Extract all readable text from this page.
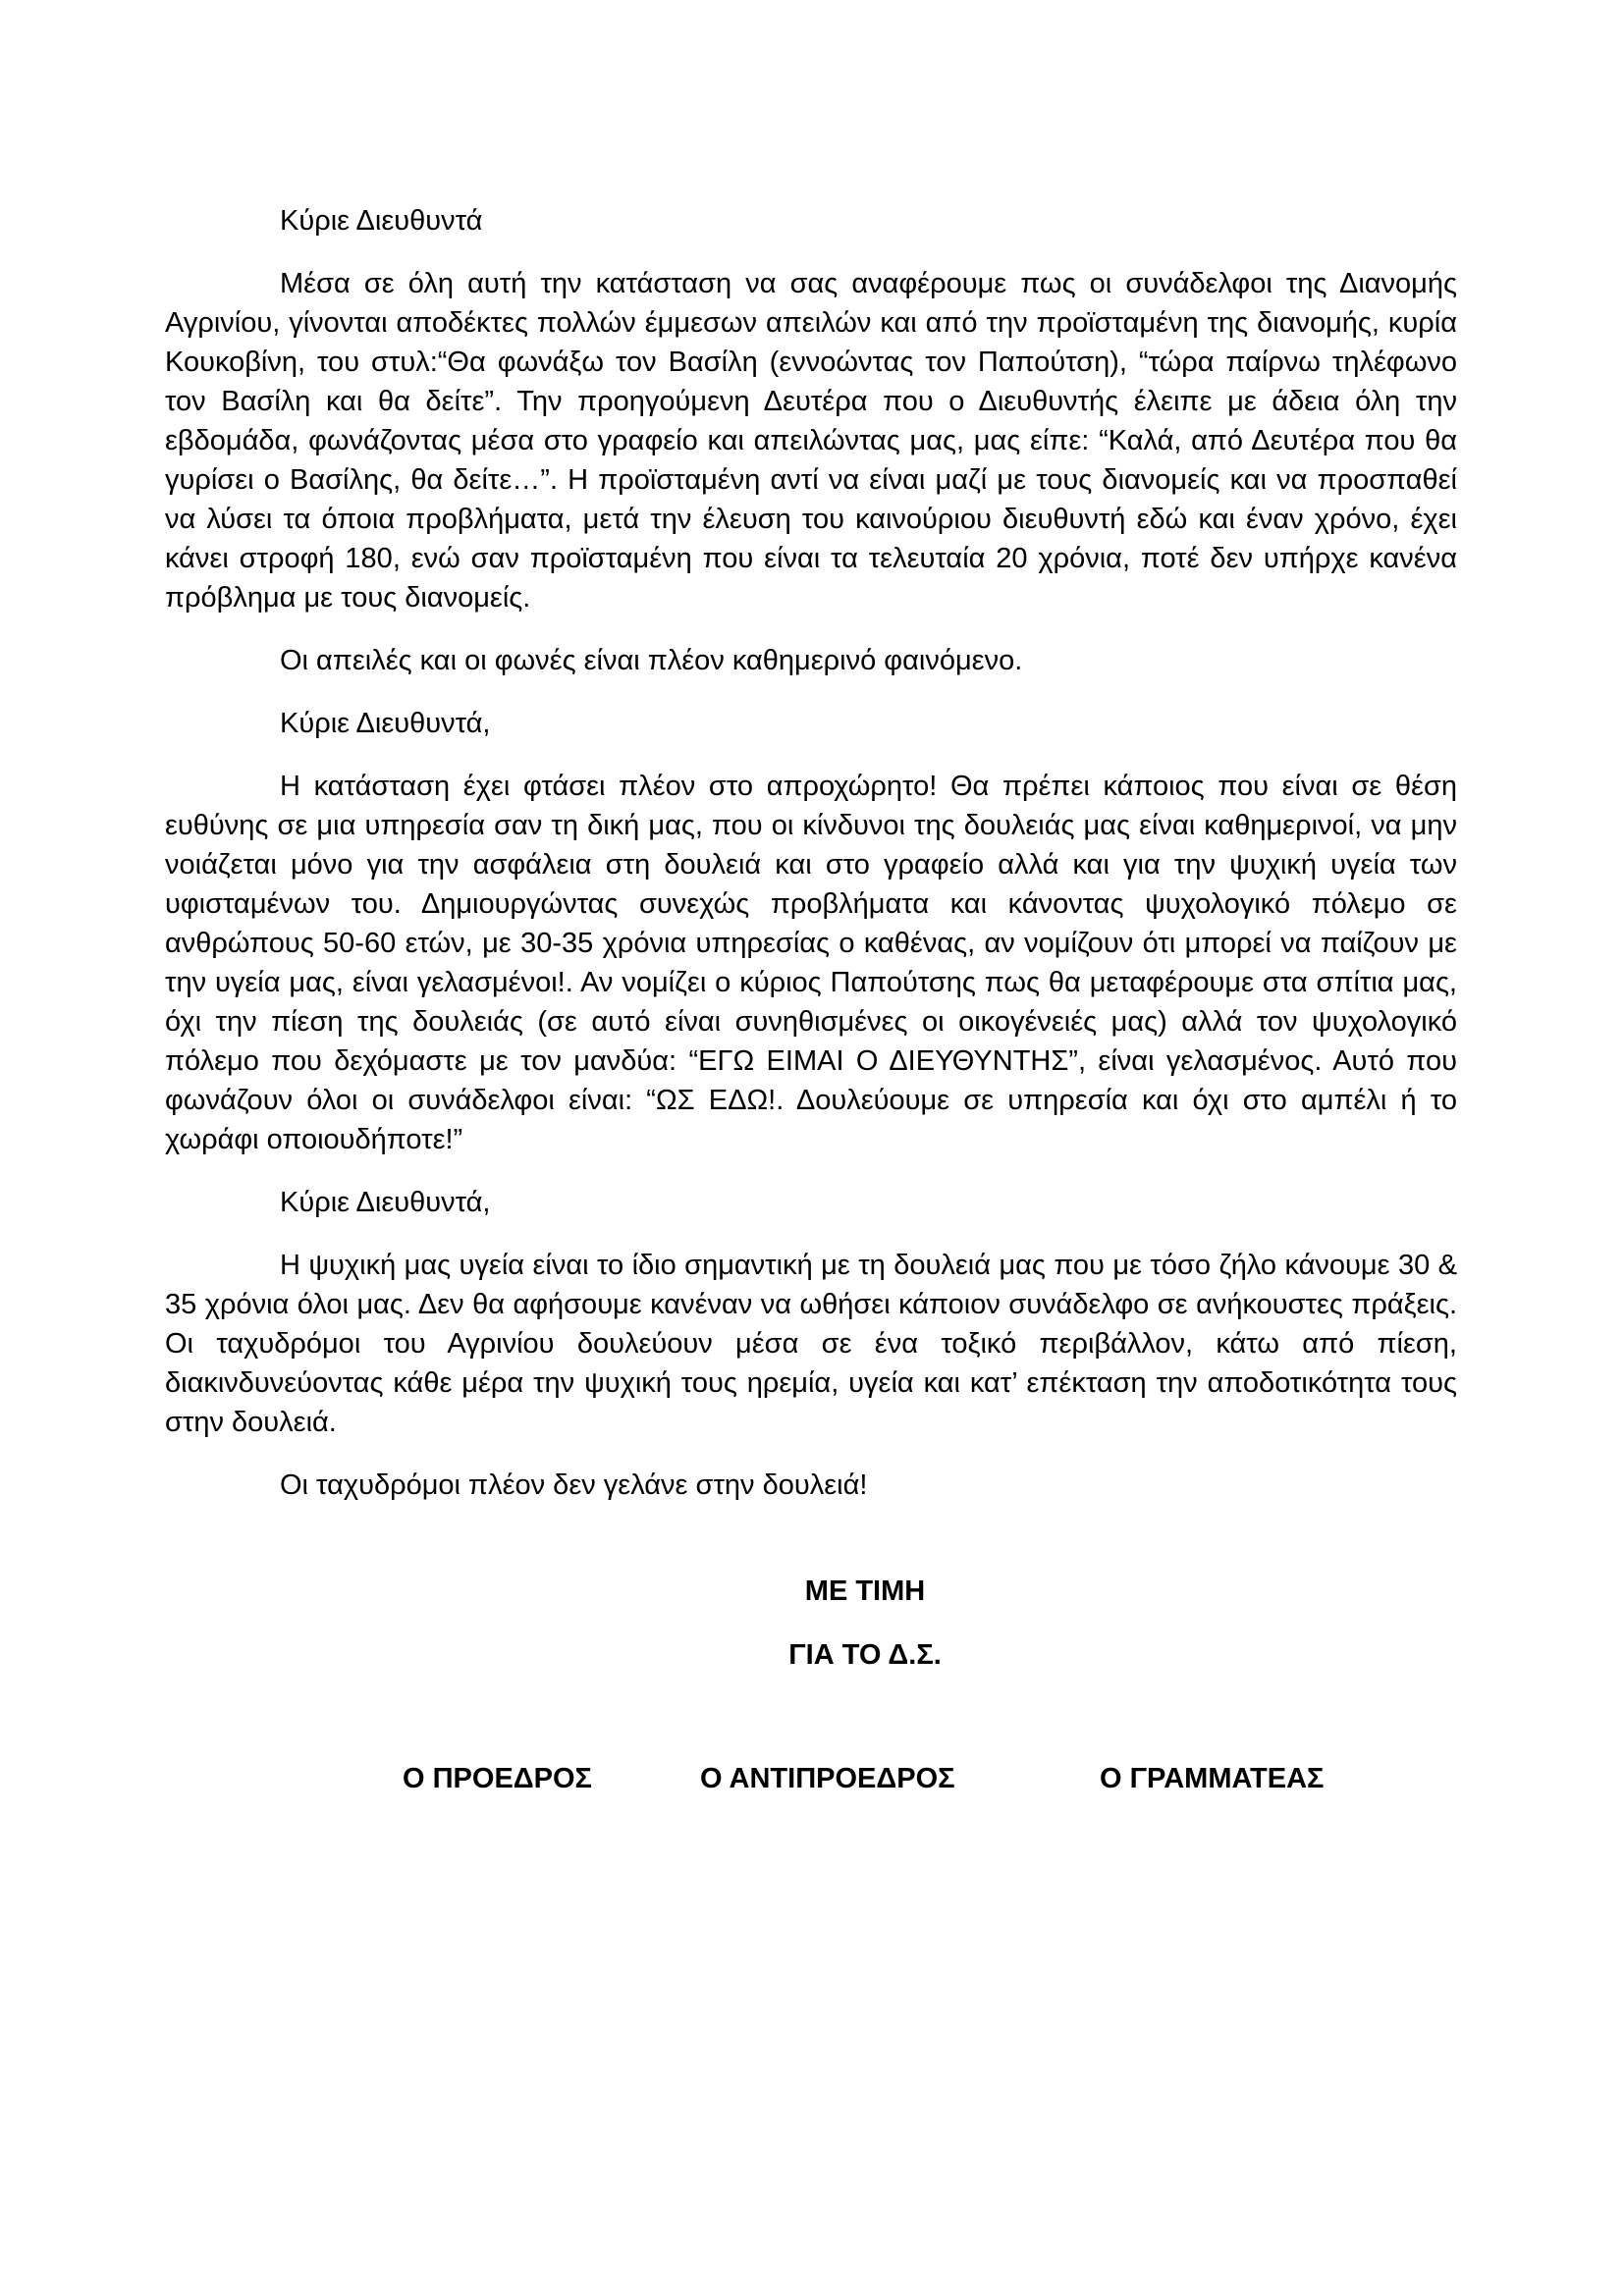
Κύριε Διευθυντά

Μέσα σε όλη αυτή την κατάσταση να σας αναφέρουμε πως οι συνάδελφοι της Διανομής Αγρινίου, γίνονται αποδέκτες πολλών έμμεσων απειλών και από την προϊσταμένη της διανομής, κυρία Κουκοβίνη, του στυλ:“Θα φωνάξω τον Βασίλη (εννοώντας τον Παπούτση), “τώρα παίρνω τηλέφωνο τον Βασίλη και θα δείτε”. Την προηγούμενη Δευτέρα που ο Διευθυντής έλειπε με άδεια όλη την εβδομάδα, φωνάζοντας μέσα στο γραφείο και απειλώντας μας, μας είπε: “Καλά, από Δευτέρα που θα γυρίσει ο Βασίλης, θα δείτε…”. Η προϊσταμένη αντί να είναι μαζί με τους διανομείς και να προσπαθεί να λύσει τα όποια προβλήματα, μετά την έλευση του καινούριου διευθυντή εδώ και έναν χρόνο, έχει κάνει στροφή 180, ενώ σαν προϊσταμένη που είναι τα τελευταία 20 χρόνια, ποτέ δεν υπήρχε κανένα πρόβλημα με τους διανομείς.

Οι απειλές και οι φωνές είναι πλέον καθημερινό φαινόμενο.

Κύριε Διευθυντά,

Η κατάσταση έχει φτάσει πλέον στο απροχώρητο! Θα πρέπει κάποιος που είναι σε θέση ευθύνης σε μια υπηρεσία σαν τη δική μας, που οι κίνδυνοι της δουλειάς μας είναι καθημερινοί, να μην νοιάζεται μόνο για την ασφάλεια στη δουλειά και στο γραφείο αλλά και για την ψυχική υγεία των υφισταμένων του. Δημιουργώντας συνεχώς προβλήματα και κάνοντας ψυχολογικό πόλεμο σε ανθρώπους 50-60 ετών, με 30-35 χρόνια υπηρεσίας ο καθένας, αν νομίζουν ότι μπορεί να παίζουν με την υγεία μας, είναι γελασμένοι!. Αν νομίζει ο κύριος Παπούτσης πως θα μεταφέρουμε στα σπίτια μας, όχι την πίεση της δουλειάς (σε αυτό είναι συνηθισμένες οι οικογένειές μας) αλλά τον ψυχολογικό πόλεμο που δεχόμαστε με τον μανδύα: “ΕΓΩ ΕΙΜΑΙ Ο ΔΙΕΥΘΥΝΤΗΣ”, είναι γελασμένος. Αυτό που φωνάζουν όλοι οι συνάδελφοι είναι: “ΩΣ ΕΔΩ!. Δουλεύουμε σε υπηρεσία και όχι στο αμπέλι ή το χωράφι οποιουδήποτε!”

Κύριε Διευθυντά,

Η ψυχική μας υγεία είναι το ίδιο σημαντική με τη δουλειά μας που με τόσο ζήλο κάνουμε 30 & 35 χρόνια όλοι μας. Δεν θα αφήσουμε κανέναν να ωθήσει κάποιον συνάδελφο σε ανήκουστες πράξεις. Οι ταχυδρόμοι του Αγρινίου δουλεύουν μέσα σε ένα τοξικό περιβάλλον, κάτω από πίεση, διακινδυνεύοντας κάθε μέρα την ψυχική τους ηρεμία, υγεία και κατ’ επέκταση την αποδοτικότητα τους στην δουλειά.

Οι ταχυδρόμοι πλέον δεν γελάνε στην δουλειά!

ΜΕ ΤΙΜΗ

ΓΙΑ ΤΟ Δ.Σ.

Ο ΠΡΟΕΔΡΟΣ	Ο ΑΝΤΙΠΡΟΕΔΡΟΣ	Ο ΓΡΑΜΜΑΤΕΑΣ
